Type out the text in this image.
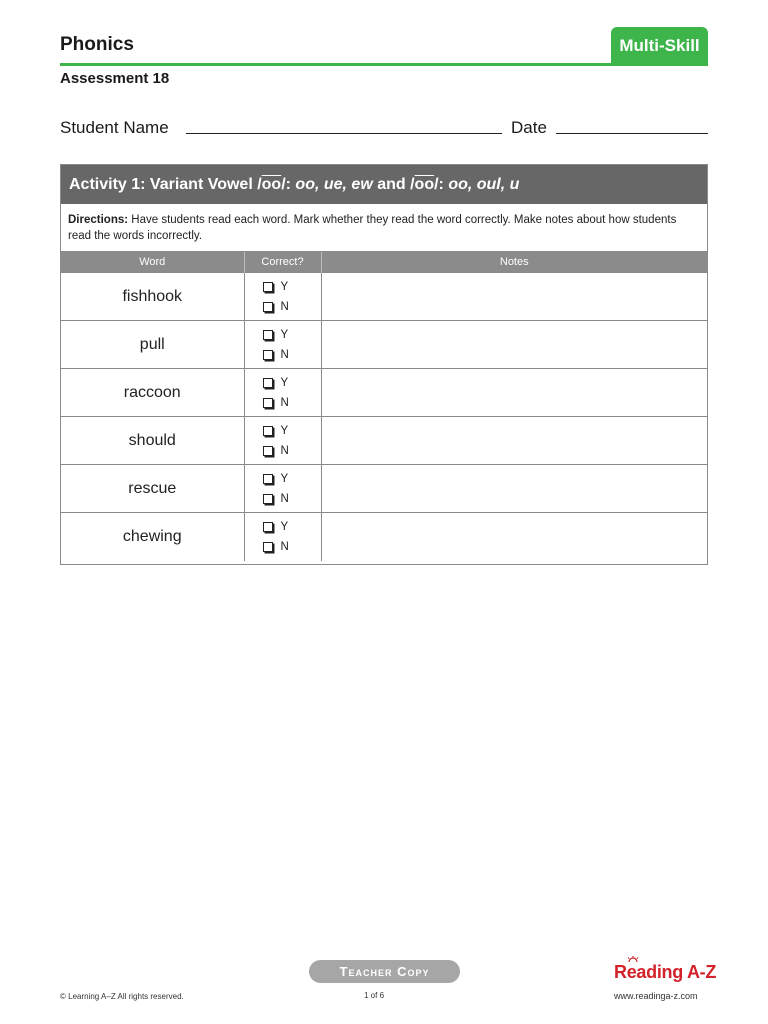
Phonics	Multi-Skill
Assessment 18
Student Name	Date
Activity 1: Variant Vowel $/\overline{oo}/$: oo, ue, ew and $/\overline{oo}/$: oo, oul, u
Directions: Have students read each word. Mark whether they read the word correctly. Make notes about how students read the words incorrectly.
Word	Correct?	Notes
fishhook	Y
N	

pull	Y
N	

raccoon	Y
N	

should	Y
N	

rescue	Y
N	

chewing	Y
N	

Teacher Copy
© Learning A–Z All rights reserved.	1 of 6
Reading A-Z
www.readinga-z.com
